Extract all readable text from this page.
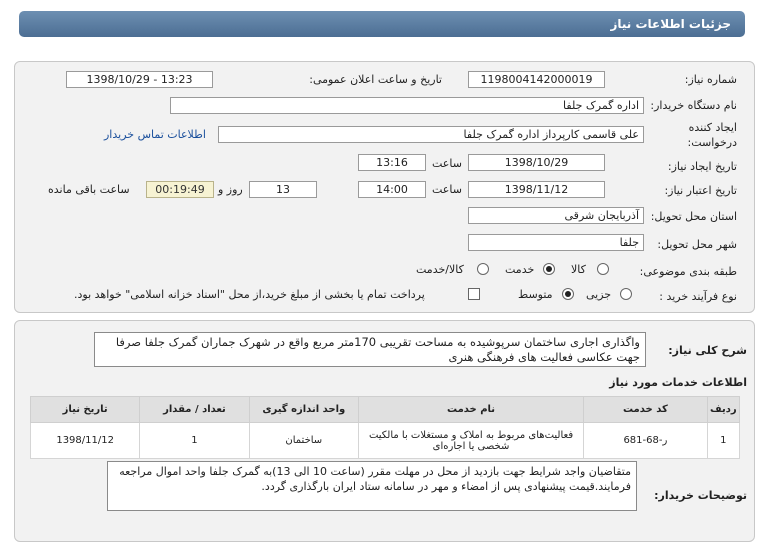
جزئیات اطلاعات نیاز
شماره نیاز:
1198004142000019
تاریخ و ساعت اعلان عمومی:
1398/10/29 - 13:23
نام دستگاه خریدار:
اداره گمرک جلفا
ایجاد کننده
درخواست:
علی قاسمی کارپرداز اداره گمرک جلفا
اطلاعات تماس خریدار
تاریخ ایجاد نیاز:
1398/10/29
ساعت
13:16
تاریخ اعتبار نیاز:
1398/11/12
ساعت
14:00
13
روز و
00:19:49
ساعت باقی مانده
استان محل تحویل:
آذربایجان شرقی
شهر محل تحویل:
جلفا
طبقه بندی موضوعی:
کالا
خدمت
کالا/خدمت
نوع فرآیند خرید :
جزیی
متوسط
پرداخت تمام یا بخشی از مبلغ خرید،از محل "اسناد خزانه اسلامی" خواهد بود.
شرح کلی نیاز:
واگذاری اجاری ساختمان سرپوشیده به مساحت تقریبی 170متر مربع واقع در شهرک جماران گمرک جلفا صرفا جهت عکاسی فعالیت های فرهنگی هنری
اطلاعات خدمات مورد نیاز
تاریخ نیاز	تعداد / مقدار	واحد اندازه گیری	نام خدمت	کد خدمت	ردیف
1398/11/12	1	ساختمان	فعالیت‌های مربوط به املاک و مستغلات با مالکیت شخصی یا اجاره‌ای	ر-68-681	1
توضیحات خریدار:
متقاضیان واجد شرایط جهت بازدید از محل در مهلت مقرر (ساعت 10 الی 13)به گمرک جلفا واحد اموال مراجعه فرمایند.قیمت پیشنهادی پس از امضاء و مهر در سامانه ستاد ایران بارگذاری گردد.
